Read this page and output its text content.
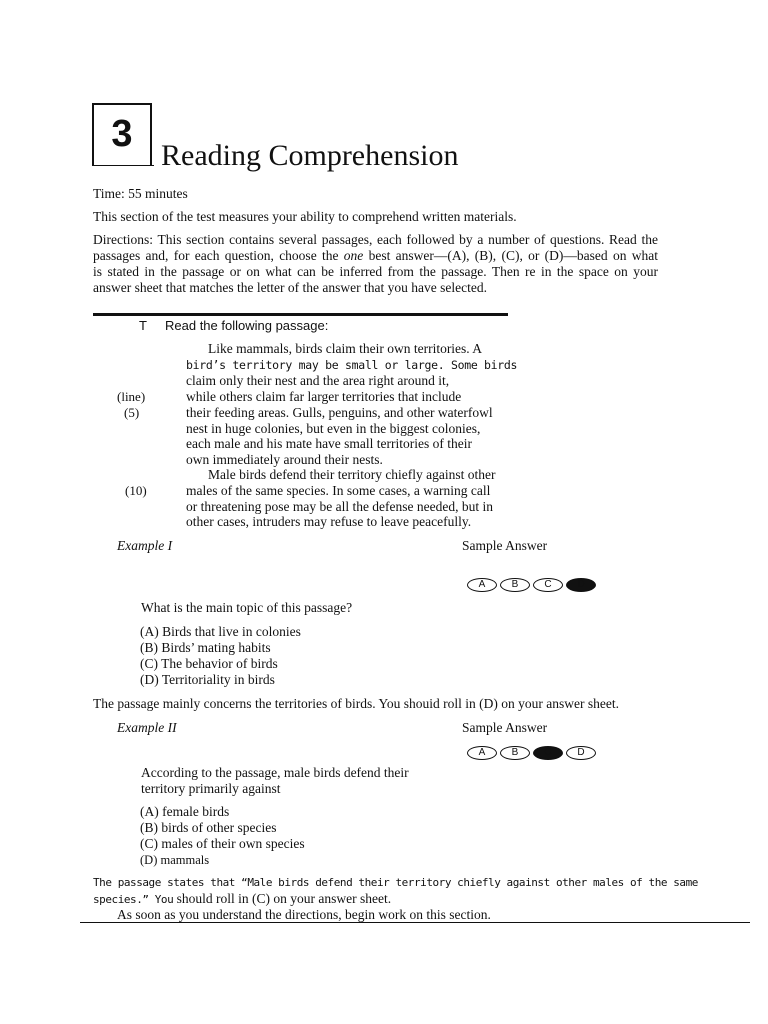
3
Reading Comprehension
Time: 55 minutes
This section of the test measures your ability to comprehend written materials.
Directions: This section contains several passages, each followed by a number of questions. Read the
passages and, for each question, choose the one best answer—(A), (B), (C), or (D)—based on what
is stated in the passage or on what can be inferred from the passage. Then re in the space on your
answer sheet that matches the letter of the answer that you have selected.
T Read the following passage:
Like mammals, birds claim their own territories. A
bird’s territory may be small or large. Some birds
claim only their nest and the area right around it,
while others claim far larger territories that include
their feeding areas. Gulls, penguins, and other waterfowl
nest in huge colonies, but even in the biggest colonies,
each male and his mate have small territories of their
own immediately around their nests.
Male birds defend their territory chiefly against other
males of the same species. In some cases, a warning call
or threatening pose may be all the defense needed, but in
other cases, intruders may refuse to leave peacefully.
(line)
(5)
(10)
Example I	Sample Answer
A	B	C	D
What is the main topic of this passage?
(A) Birds that live in colonies
(B) Birds’ mating habits
(C) The behavior of birds
(D) Territoriality in birds
The passage mainly concerns the territories of birds. You shouid roll in (D) on your answer sheet.
Example II	Sample Answer
A	B	C	D
According to the passage, male birds defend their
territory primarily against
(A) female birds
(B) birds of other species
(C) males of their own species
(D) mammals
The passage states that “Male birds defend their territory chiefly against other males of the same
species.” You should roll in (C) on your answer sheet.
As soon as you understand the directions, begin work on this section.
